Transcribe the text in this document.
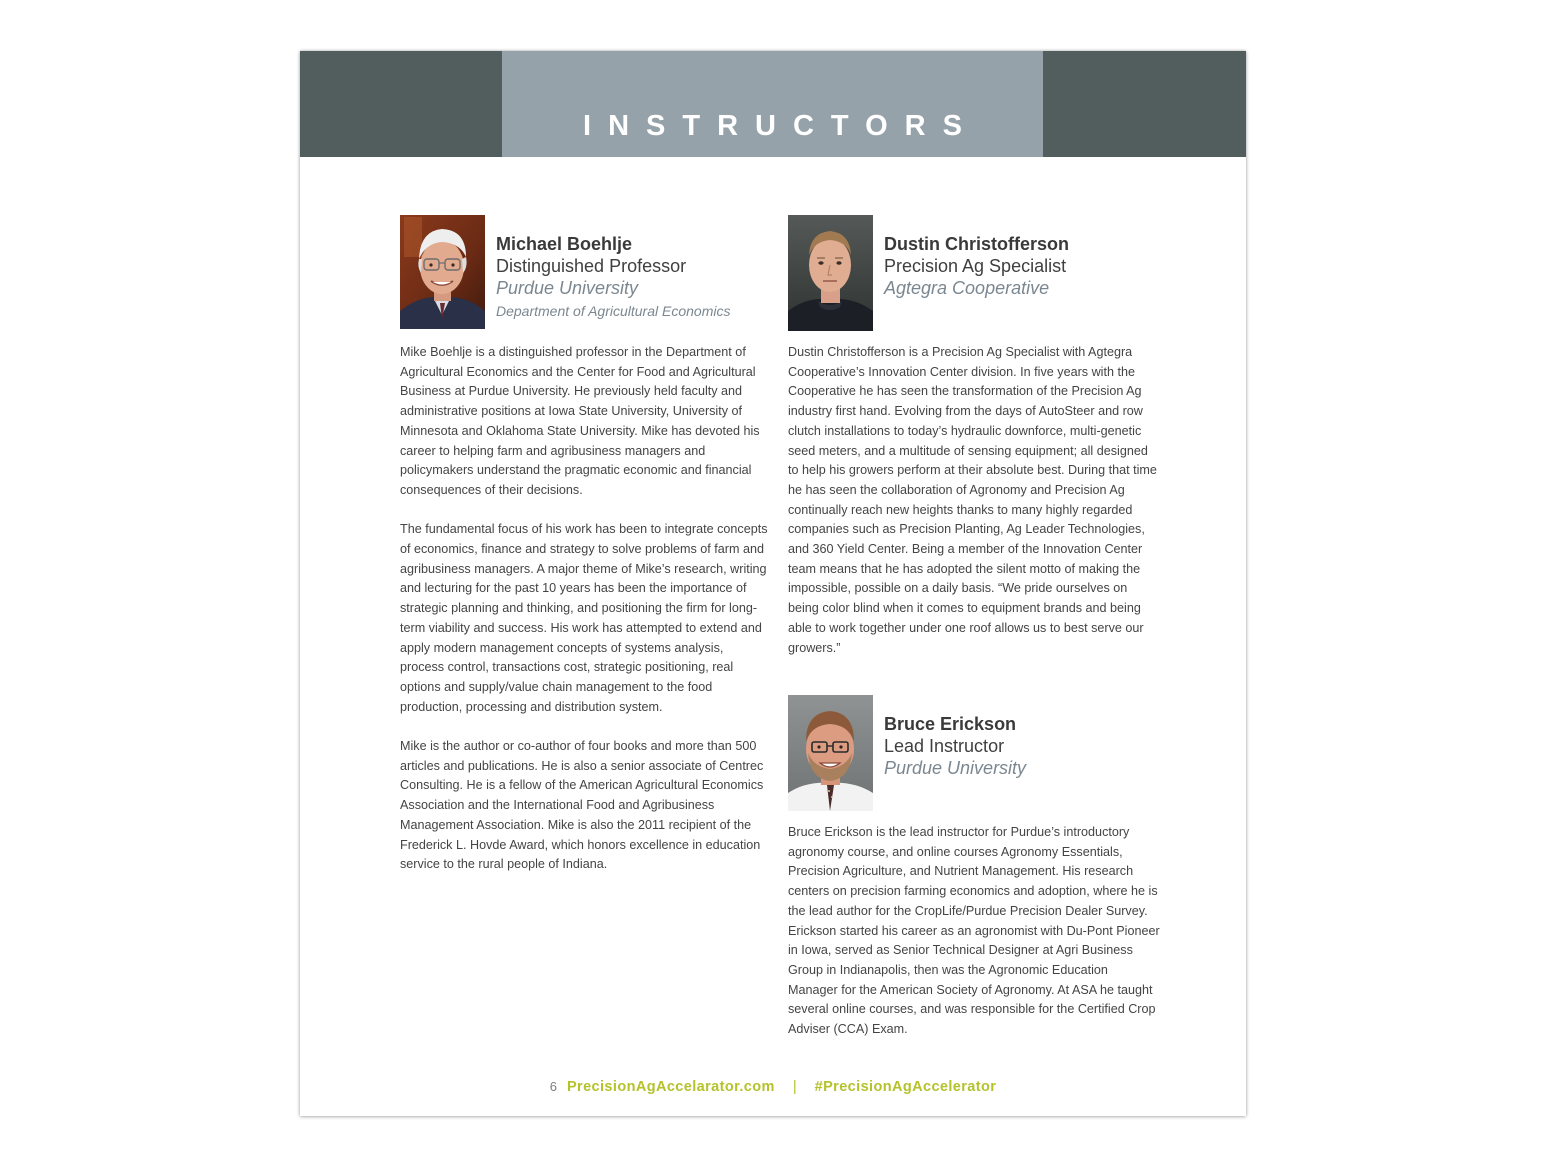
INSTRUCTORS
Michael Boehlje
Distinguished Professor
Purdue University
Department of Agricultural Economics

Mike Boehlje is a distinguished professor in the Department of Agricultural Economics and the Center for Food and Agricultural Business at Purdue University. He previously held faculty and administrative positions at Iowa State University, University of Minnesota and Oklahoma State University. Mike has devoted his career to helping farm and agribusiness managers and policymakers understand the pragmatic economic and financial consequences of their decisions.

The fundamental focus of his work has been to integrate concepts of economics, finance and strategy to solve problems of farm and agribusiness managers. A major theme of Mike’s research, writing and lecturing for the past 10 years has been the importance of strategic planning and thinking, and positioning the firm for long-term viability and success. His work has attempted to extend and apply modern management concepts of systems analysis, process control, transactions cost, strategic positioning, real options and supply/value chain management to the food production, processing and distribution system.

Mike is the author or co-author of four books and more than 500 articles and publications. He is also a senior associate of Centrec Consulting. He is a fellow of the American Agricultural Economics Association and the International Food and Agribusiness Management Association. Mike is also the 2011 recipient of the Frederick L. Hovde Award, which honors excellence in education service to the rural people of Indiana.

Dustin Christofferson
Precision Ag Specialist
Agtegra Cooperative

Dustin Christofferson is a Precision Ag Specialist with Agtegra Cooperative’s Innovation Center division. In five years with the Cooperative he has seen the transformation of the Precision Ag industry first hand. Evolving from the days of AutoSteer and row clutch installations to today’s hydraulic downforce, multi-genetic seed meters, and a multitude of sensing equipment; all designed to help his growers perform at their absolute best. During that time he has seen the collaboration of Agronomy and Precision Ag continually reach new heights thanks to many highly regarded companies such as Precision Planting, Ag Leader Technologies, and 360 Yield Center. Being a member of the Innovation Center team means that he has adopted the silent motto of making the impossible, possible on a daily basis. “We pride ourselves on being color blind when it comes to equipment brands and being able to work together under one roof allows us to best serve our growers.”

Bruce Erickson
Lead Instructor
Purdue University

Bruce Erickson is the lead instructor for Purdue’s introductory agronomy course, and online courses Agronomy Essentials, Precision Agriculture, and Nutrient Management. His research centers on precision farming economics and adoption, where he is the lead author for the CropLife/Purdue Precision Dealer Survey. Erickson started his career as an agronomist with Du-Pont Pioneer in Iowa, served as Senior Technical Designer at Agri Business Group in Indianapolis, then was the Agronomic Education Manager for the American Society of Agronomy. At ASA he taught several online courses, and was responsible for the Certified Crop Adviser (CCA) Exam.

6 PrecisionAgAccelarator.com | #PrecisionAgAccelerator
